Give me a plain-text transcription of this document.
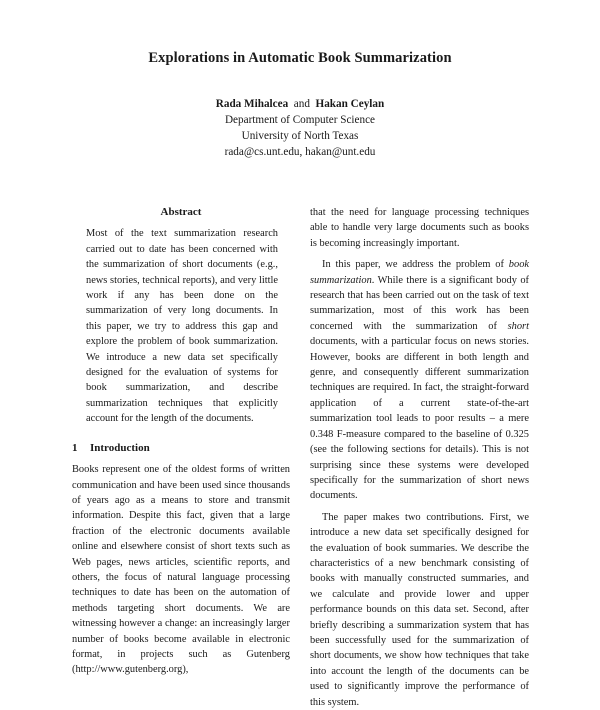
Explorations in Automatic Book Summarization
Rada Mihalcea and Hakan Ceylan
Department of Computer Science
University of North Texas
rada@cs.unt.edu, hakan@unt.edu
Abstract

Most of the text summarization research carried out to date has been concerned with the summarization of short documents (e.g., news stories, technical reports), and very little work if any has been done on the summarization of very long documents. In this paper, we try to address this gap and explore the problem of book summarization. We introduce a new data set specifically designed for the evaluation of systems for book summarization, and describe summarization techniques that explicitly account for the length of the documents.

1 Introduction

Books represent one of the oldest forms of written communication and have been used since thousands of years ago as a means to store and transmit information. Despite this fact, given that a large fraction of the electronic documents available online and elsewhere consist of short texts such as Web pages, news articles, scientific reports, and others, the focus of natural language processing techniques to date has been on the automation of methods targeting short documents. We are witnessing however a change: an increasingly larger number of books become available in electronic format, in projects such as Gutenberg (http://www.gutenberg.org),

that the need for language processing techniques able to handle very large documents such as books is becoming increasingly important.

In this paper, we address the problem of book summarization. While there is a significant body of research that has been carried out on the task of text summarization, most of this work has been concerned with the summarization of short documents, with a particular focus on news stories. However, books are different in both length and genre, and consequently different summarization techniques are required. In fact, the straight-forward application of a current state-of-the-art summarization tool leads to poor results – a mere 0.348 F-measure compared to the baseline of 0.325 (see the following sections for details). This is not surprising since these systems were developed specifically for the summarization of short news documents.

The paper makes two contributions. First, we introduce a new data set specifically designed for the evaluation of book summaries. We describe the characteristics of a new benchmark consisting of books with manually constructed summaries, and we calculate and provide lower and upper performance bounds on this data set. Second, after briefly describing a summarization system that has been successfully used for the summarization of short documents, we show how techniques that take into account the length of the documents can be used to significantly improve the performance of this system.
